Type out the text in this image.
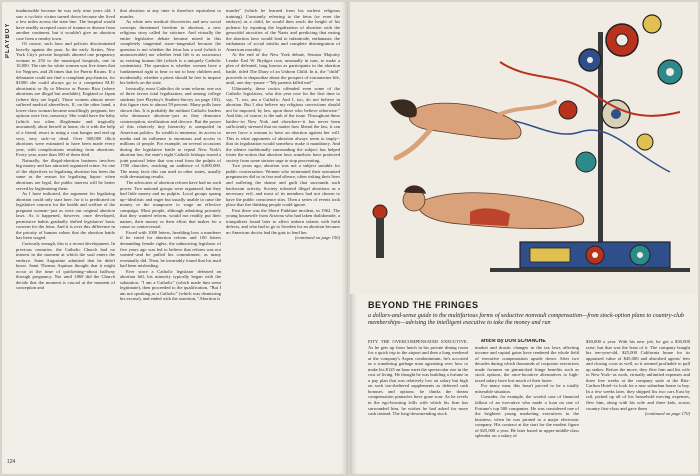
PLAYBOY

inadmissible because he was only nine years old. I saw a cyclotic victim turned down because she lived a few miles across the state line. The hospital would have readily accepted cases of trauma or disease from another continent, but it wouldn't give an abortion case from a nearby town.

Of course, such laws and policies discriminated heavily against the poor. In the early Sixties, New York City's private hospitals aborted one pregnancy woman in 250 to the municipal hospitals, one in 10,000. The rate for white women was five times that for Negroes, and 26 times that for Puerto Ricans. If a debutante could not find a compliant psychiatrist, for $1000 she could always go to a competent M.D. abortionist or fly to Mexico or Puerto Rico (where abortions are illegal but available), England or Japan (where they are legal). Those women almost never suffered medical aftereffects. If, on the other hand, a lower-class woman became unwillingly pregnant, her options were few, unsavory. She could have the baby (which too often illegitimate and tragically unwanted), abort herself at home, do it with the help of a friend, resort to using a coat hanger and end up very, very sick--or dead. Over 300,000 illicit abortions were estimated to have been made every year, with complications resulting from abortions. Every year, more than 500 of them died.

Naturally, the illegal-abortion business involves big money and has attracted organized crime. So one of the objectives in legalizing abortion has been the same as the reason for legalizing liquor: when abortions are legal, the public interest will be better served by legitimizing them.

As I have indicated, the argument for legalizing abortion could only start here, for it is predicated on legislative concern for the health and welfare of the pregnant woman--just as were our original abortion laws. As it happened, however, once developed, permissive habits gradually shifted legislators' basic concern for the fetus. And it is over this difference in the priority of human values that the abortion battle has been waged.

Curiously enough, this is a recent development. In previous centuries, the Catholic Church had no interest in the moment at which the soul enters the embryo. Saint Augustine admitted that he didn't know. Saint Thomas Aquinas thought that it might occur at the time of quickening--about halfway through pregnancy. Not until 1869 did the Church decide that the moment is crucial at the moment of conception and

that abortion at any time is therefore equivalent to murder.

As white new medical discoveries and new social concepts threatened freedom in abortion, a new religious story called for stricture. And virtually the entire legislative debate became mired in this completely tangential issue--tangential because the question is not whether the fetus has a soul (which is unanswerable) nor whether fetal life is as sacrosanct as existing human life (which is a uniquely Catholic contention). The question is whether women have a fundamental right to bear or not to bear children and, incidentally, whether a priest should be free to impose his beliefs on the state.

Ironically, most Catholics do want reform; one out of three favors total legalization, and among college students (see Playboy's Student Survey on page 103), this figure rises to almost 59 percent. Many polls have shown this. It is probably the militant Catholic leaders who denounce abortion--just as they denounce contraception, sterilization and divorce. But the power of this relatively tiny hierarchy is unequaled in American politics. Its wealth is immense, its access to media and its influence is enormous and access to millions of people. For example, on several occasions during the legislative battle to repeal New York's abortion law, the state's eight Catholic bishops issued a joint pastoral letter that was read from the pulpits of 1700 churches, reaching an audience of 6,000,000. The many facts this can used in other states, usually with devastating results.

The advocates of abortion reform have had no such power. Two national groups were organized, but they had little money and no pulpits. Local groups sprang up--idealistic and eager but usually unable to raise the money or the manpower to wage an effective campaign. Most people, although admitting privately that they wanted reform, would not readily put their names, their money or their effort that makes for a cause so controversial.

Faced with 1000 letters, heralding how a murderer if he voted for abortion reform and 100 letters demanding female rights, the unknowing legislator of five years ago was led to believe that reform was not wanted--and he pulled his commitment, as many eventually did. Then, he invariably found that his mail had been misleading.

Ever since a Catholic legislator defeated an abortion bill, his minority typically began with the salutation, "I am a Catholic" (which made him seem legitimate), then proceeded to the qualification, "But I am not speaking as a Catholic" (which was dismissing his excuse), and ended with the assertion, "Abortion is

murder" (which he learned from his earliest religious training). Constantly referring to the fetus (or even the embryo) as a child, he would then reach the height of his polemic by equating the legalization of abortion with the genocidal atrocities of the Nazis and predicting that easing the abortion laws would lead to infanticide, euthanasia, the euthanasia of social misfits and complete disintegration of American morality.

At the end of the New York debate, Senator Majority Leader Earl W. Brydges rose, unusually in turn, to make a plea of defeated, long known as participants in the abortion battle, titled The Diary of an Unborn Child. In it, the "child" proceeds to rhapsodize about the prospect of extrauterine life, until, one day--pause --"My parents killed me!"

Ultimately, these tactics offended even some of the Catholic legislators, who this year rose for the first time to say, "I, too, am a Catholic. And I, too, do not believe in abortion. But I also believe my religious convictions should not be imposed, by law, upon those who believe otherwise." And this, of course, is the nub of the issue. Throughout these battles--in New York and elsewhere--it has never been sufficiently stressed that no matter how liberal the law, it can never force a woman to have an abortion against her will. This is what opponents of abortion always seem to imply--that its legalization would somehow make it mandatory. And the silence traditionally surrounding the subject has helped foster the notion that abortion laws somehow have protected society from some sinister urge to stop procreating.

Two years ago, abortion was not a subject suitable for public conversation. Women who terminated their unwanted pregnancies did so in fear and silence, often risking their lives and suffering the shame and guilt that surrounds such backroom activity. Society tolerated illegal abortions as a necessary evil, and most of its members had not chosen to have the public conscience stirs. Then a series of events took place that fire thinking people could ignore.

First there was the Sherri Finkbine incident, in 1962. The young housewife from Arizona who had taken thalidomide, a tranquilizer found later to affect unborn infants with birth defects, and who had to go to Sweden for an abortion because no American doctor had the guts to lend her.

(continued on page 150)

124
BEYOND THE FRINGES
a dollars-and-sense guide to the multifarious forms of seductive nonvault compensation—from stock-option plans to country-club memberships—advising the intelligent executive to take the money and run

PITY THE OVERCOMPENSATED EXECUTIVE. As he gets up from lunch in his private dining room for a quick trip to the airport and then a long weekend at the company's Aspen condominium, he's accosted as a wandering garbage man agonizing over how to make his $125 an hour meet the spectacular rise in the cost of living. He thought he was building a fortune in a pay plan that was relatively low on salary but high on such tax-sheltered supplements as deferred cash bonuses and options; he thinks the dream compensation pinnacles have gone sour. As he revels in the ego-boosting frills with which his firm has surrounded him, he wishes he had asked for more cash instead. The long-downtrending stock

article By DON SCHANCHE

market and drastic changes in the tax laws affecting income and capital gains have rendered the whole field of executive compensation upside down. After two decades during which thousands of corporate executives made fortunes on gimmicked fringe benefits such as stock options, the once-lucrative alternatives to high-taxed salary have lost much of their luster.

For many men, this hasn't proved to be a totally miserable situation.

Consider, for example, the woeful case of financial fallout of an executive who made a loan on one of Fortune's top 500 companies. He was considered one of the brightest young marketing executives in the business, when he was pirated to a major electronic company. His contract at the start for the modest figure of $25,000 a year. He later based in upper-middle-class splendor on a salary of

$30,000 a year. With his new job, he got a $30,000 raise, but that was the least of it. The company bought his ten-year-old, $25,000 California home for its appraised value of $45,000 and absorbed agents' fees and closing costs as well, so it seemed profitable to pull up stakes. Before the move, they flew him and his wife to New York--as work, virtually unlimited expenses and three free weeks at the company suite at the Ritz-Carlton Hotel--to look for a new suburban house to buy. In a few weeks later, they shipped his two cars East by rail, picked up all of his household moving expenses, flew him, along with his wife and three kids, across country first-class and gave them

(continued on page 170)
